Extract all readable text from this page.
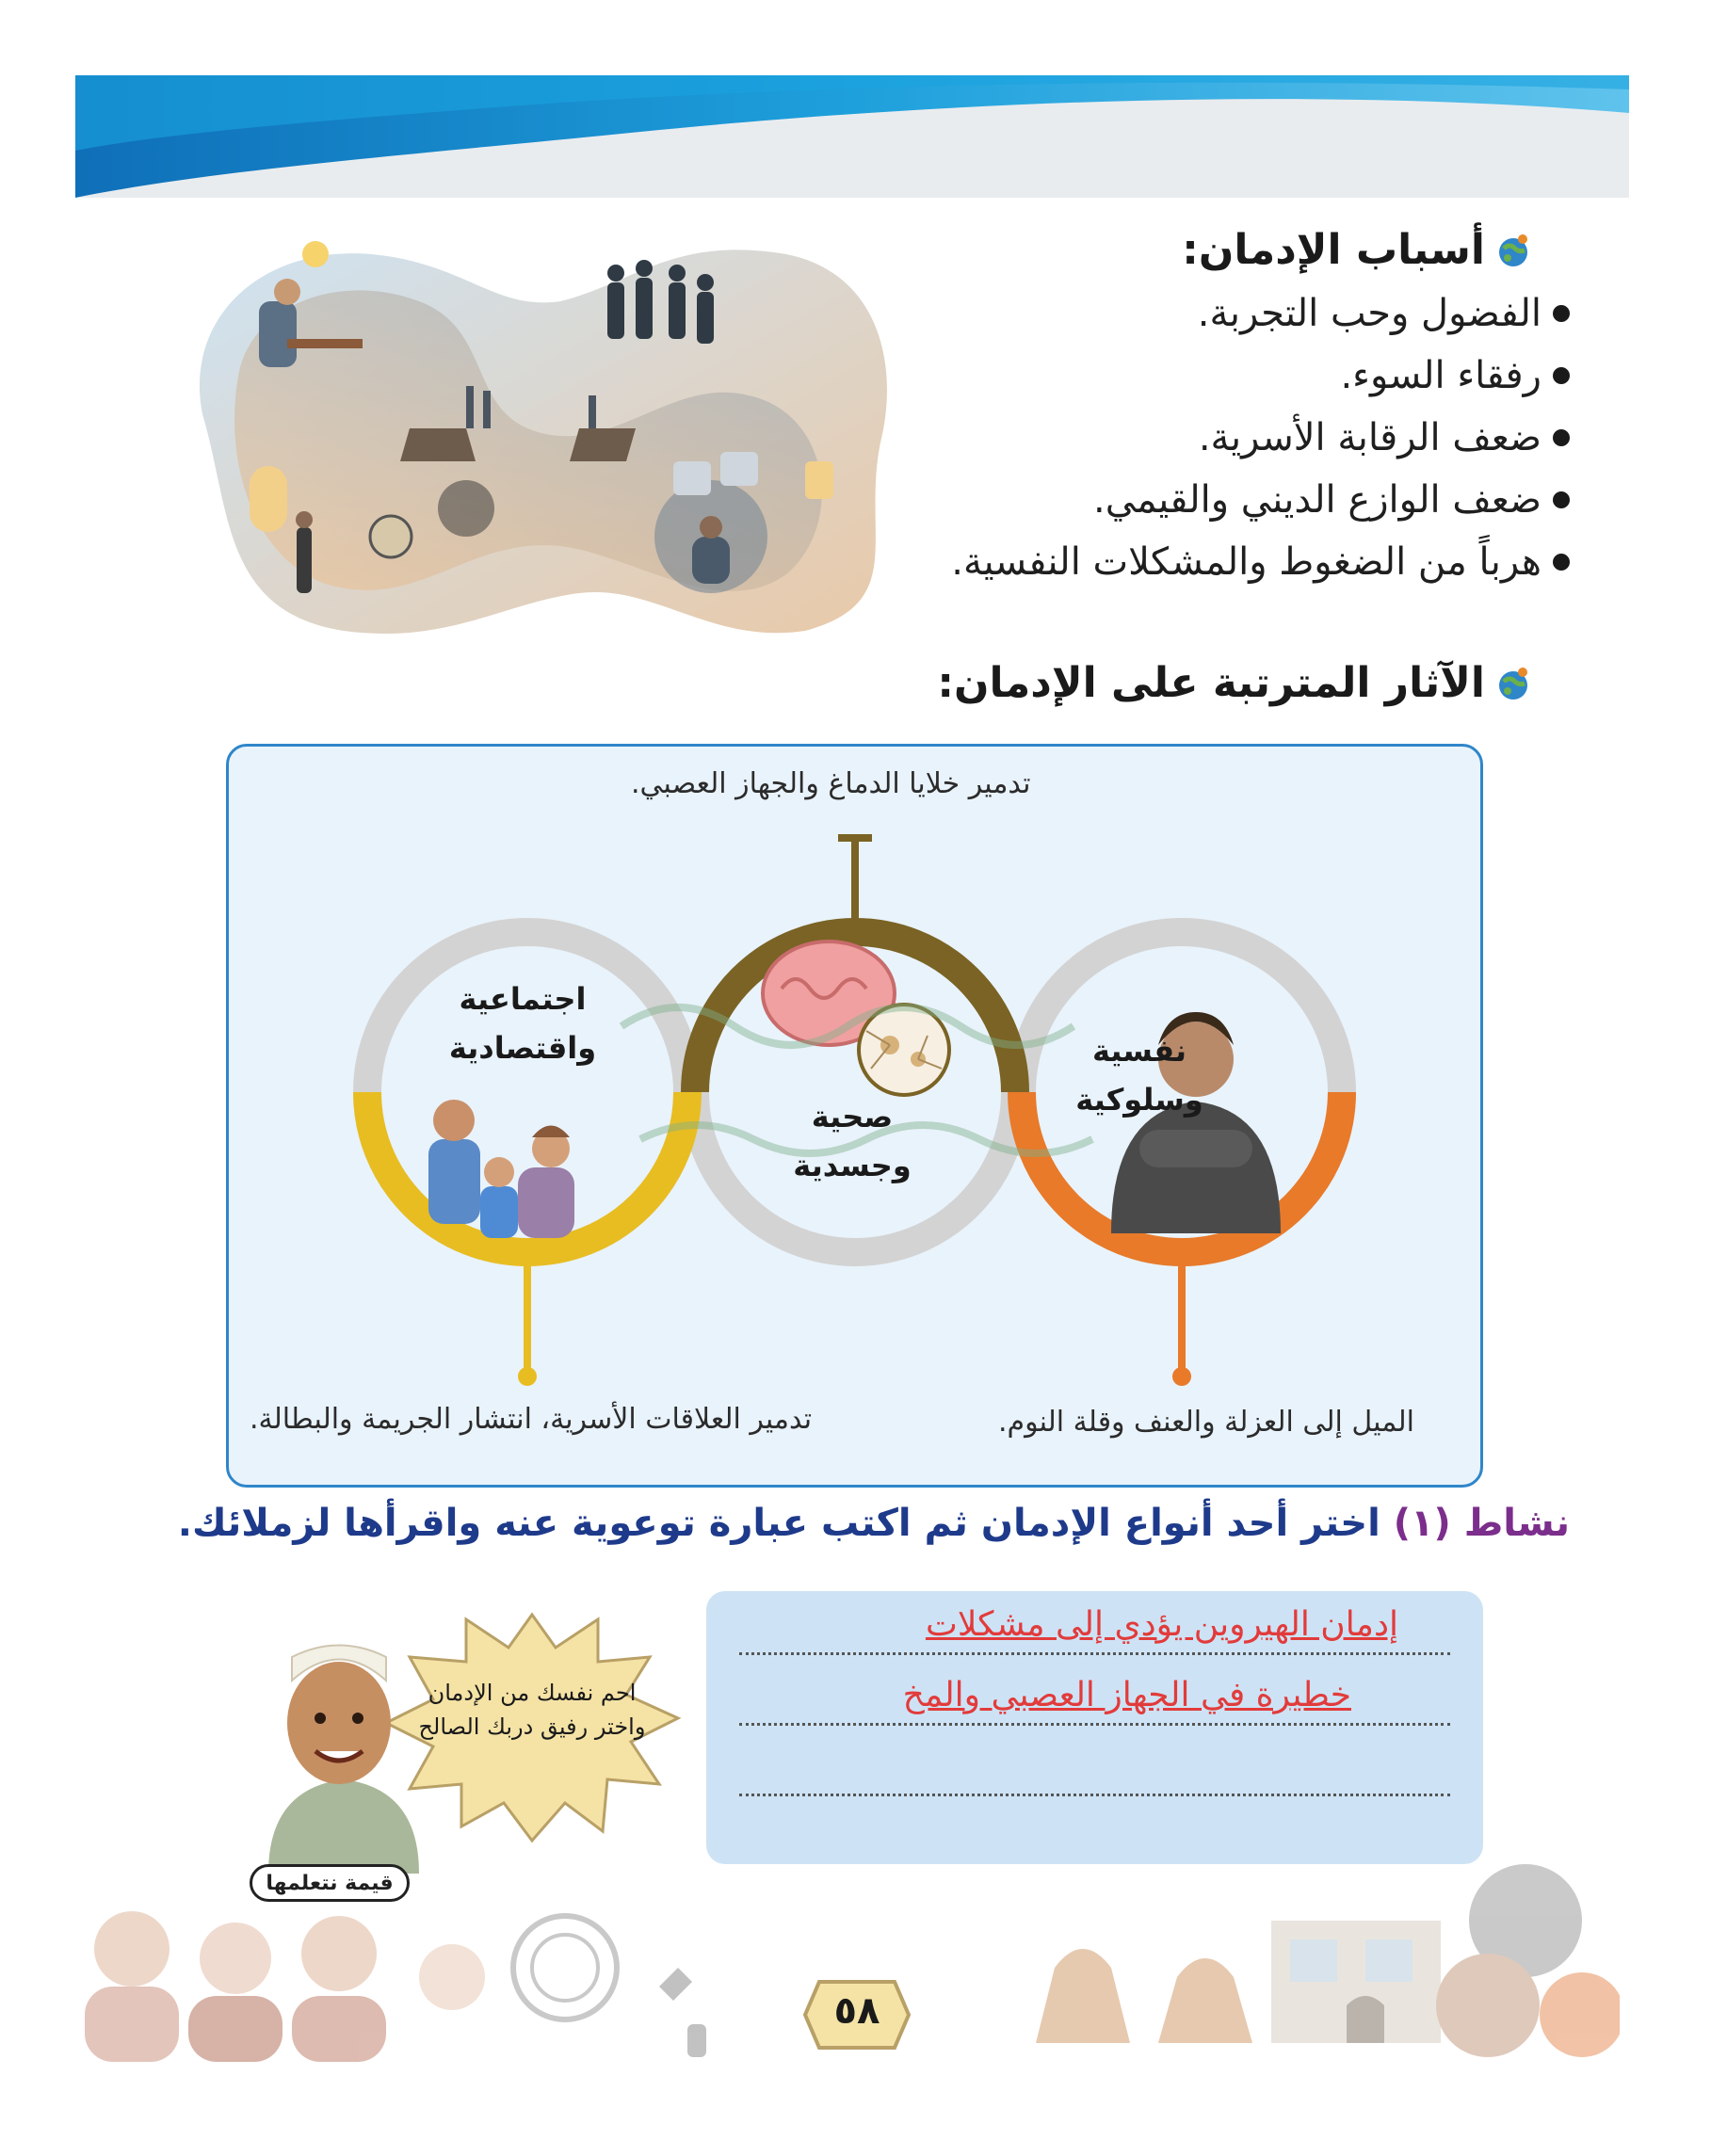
أسباب الإدمان:
الفضول وحب التجربة.
رفقاء السوء.
ضعف الرقابة الأسرية.
ضعف الوازع الديني والقيمي.
هرباً من الضغوط والمشكلات النفسية.
الآثار المترتبة على الإدمان:
تدمير خلايا الدماغ والجهاز العصبي.
تدمير العلاقات الأسرية، انتشار الجريمة والبطالة.	الميل إلى العزلة والعنف وقلة النوم.
اجتماعية
واقتصادية
صحية
وجسدية
نفسية
وسلوكية
نشاط (١) اختر أحد أنواع الإدمان ثم اكتب عبارة توعوية عنه واقرأها لزملائك.
إدمان الهيروين يؤدي إلى مشكلات
خطيرة في الجهاز العصبي والمخ
احم نفسك من الإدمان واختر رفيق دربك الصالح
قيمة نتعلمها
٥٨
